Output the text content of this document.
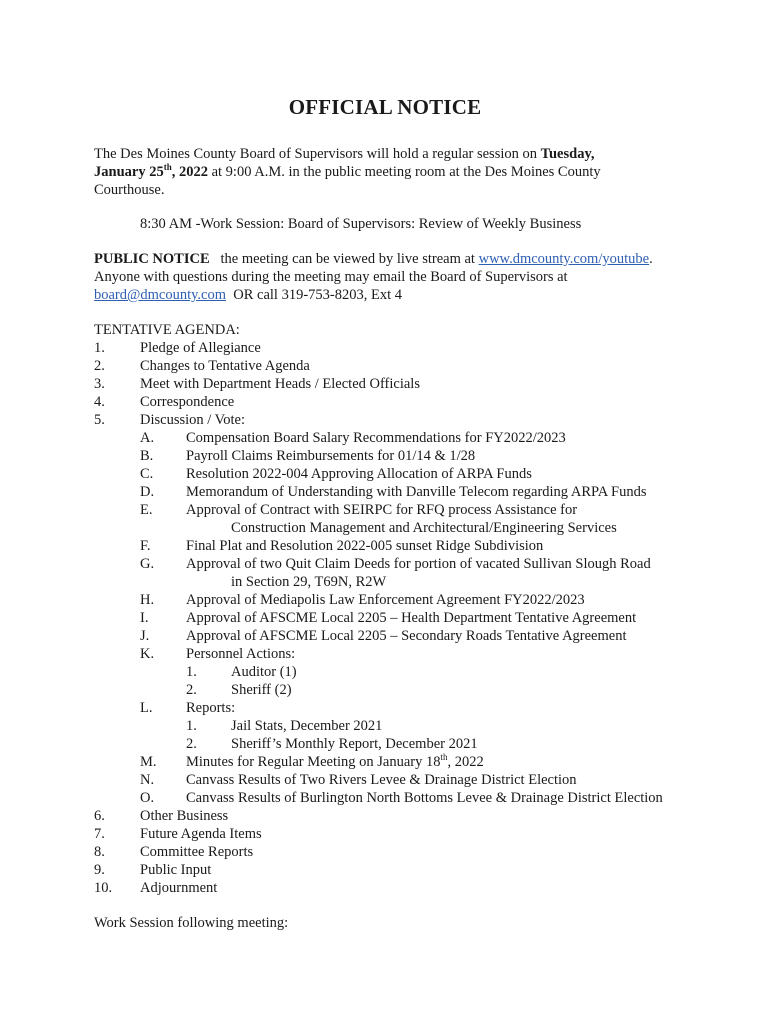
OFFICIAL NOTICE
The Des Moines County Board of Supervisors will hold a regular session on Tuesday,
January 25th, 2022 at 9:00 A.M. in the public meeting room at the Des Moines County
Courthouse.
8:30 AM -Work Session: Board of Supervisors: Review of Weekly Business
PUBLIC NOTICE   the meeting can be viewed by live stream at www.dmcounty.com/youtube.
Anyone with questions during the meeting may email the Board of Supervisors at
board@dmcounty.com  OR call 319-753-8203, Ext 4
TENTATIVE AGENDA:
1. Pledge of Allegiance
2. Changes to Tentative Agenda
3. Meet with Department Heads / Elected Officials
4. Correspondence
5. Discussion / Vote:
A. Compensation Board Salary Recommendations for FY2022/2023
B. Payroll Claims Reimbursements for 01/14 & 1/28
C. Resolution 2022-004 Approving Allocation of ARPA Funds
D. Memorandum of Understanding with Danville Telecom regarding ARPA Funds
E. Approval of Contract with SEIRPC for RFQ process Assistance for
Construction Management and Architectural/Engineering Services
F. Final Plat and Resolution 2022-005 sunset Ridge Subdivision
G. Approval of two Quit Claim Deeds for portion of vacated Sullivan Slough Road
in Section 29, T69N, R2W
H. Approval of Mediapolis Law Enforcement Agreement FY2022/2023
I.	Approval of AFSCME Local 2205 – Health Department Tentative Agreement
J.	Approval of AFSCME Local 2205 – Secondary Roads Tentative Agreement
K. Personnel Actions:
1. Auditor (1)
2. Sheriff (2)
L. Reports:
1. Jail Stats, December 2021
2. Sheriff’s Monthly Report, December 2021
M. Minutes for Regular Meeting on January 18th, 2022
N. Canvass Results of Two Rivers Levee & Drainage District Election
O. Canvass Results of Burlington North Bottoms Levee & Drainage District Election
6. Other Business
7. Future Agenda Items
8. Committee Reports
9. Public Input
10. Adjournment
Work Session following meeting:
